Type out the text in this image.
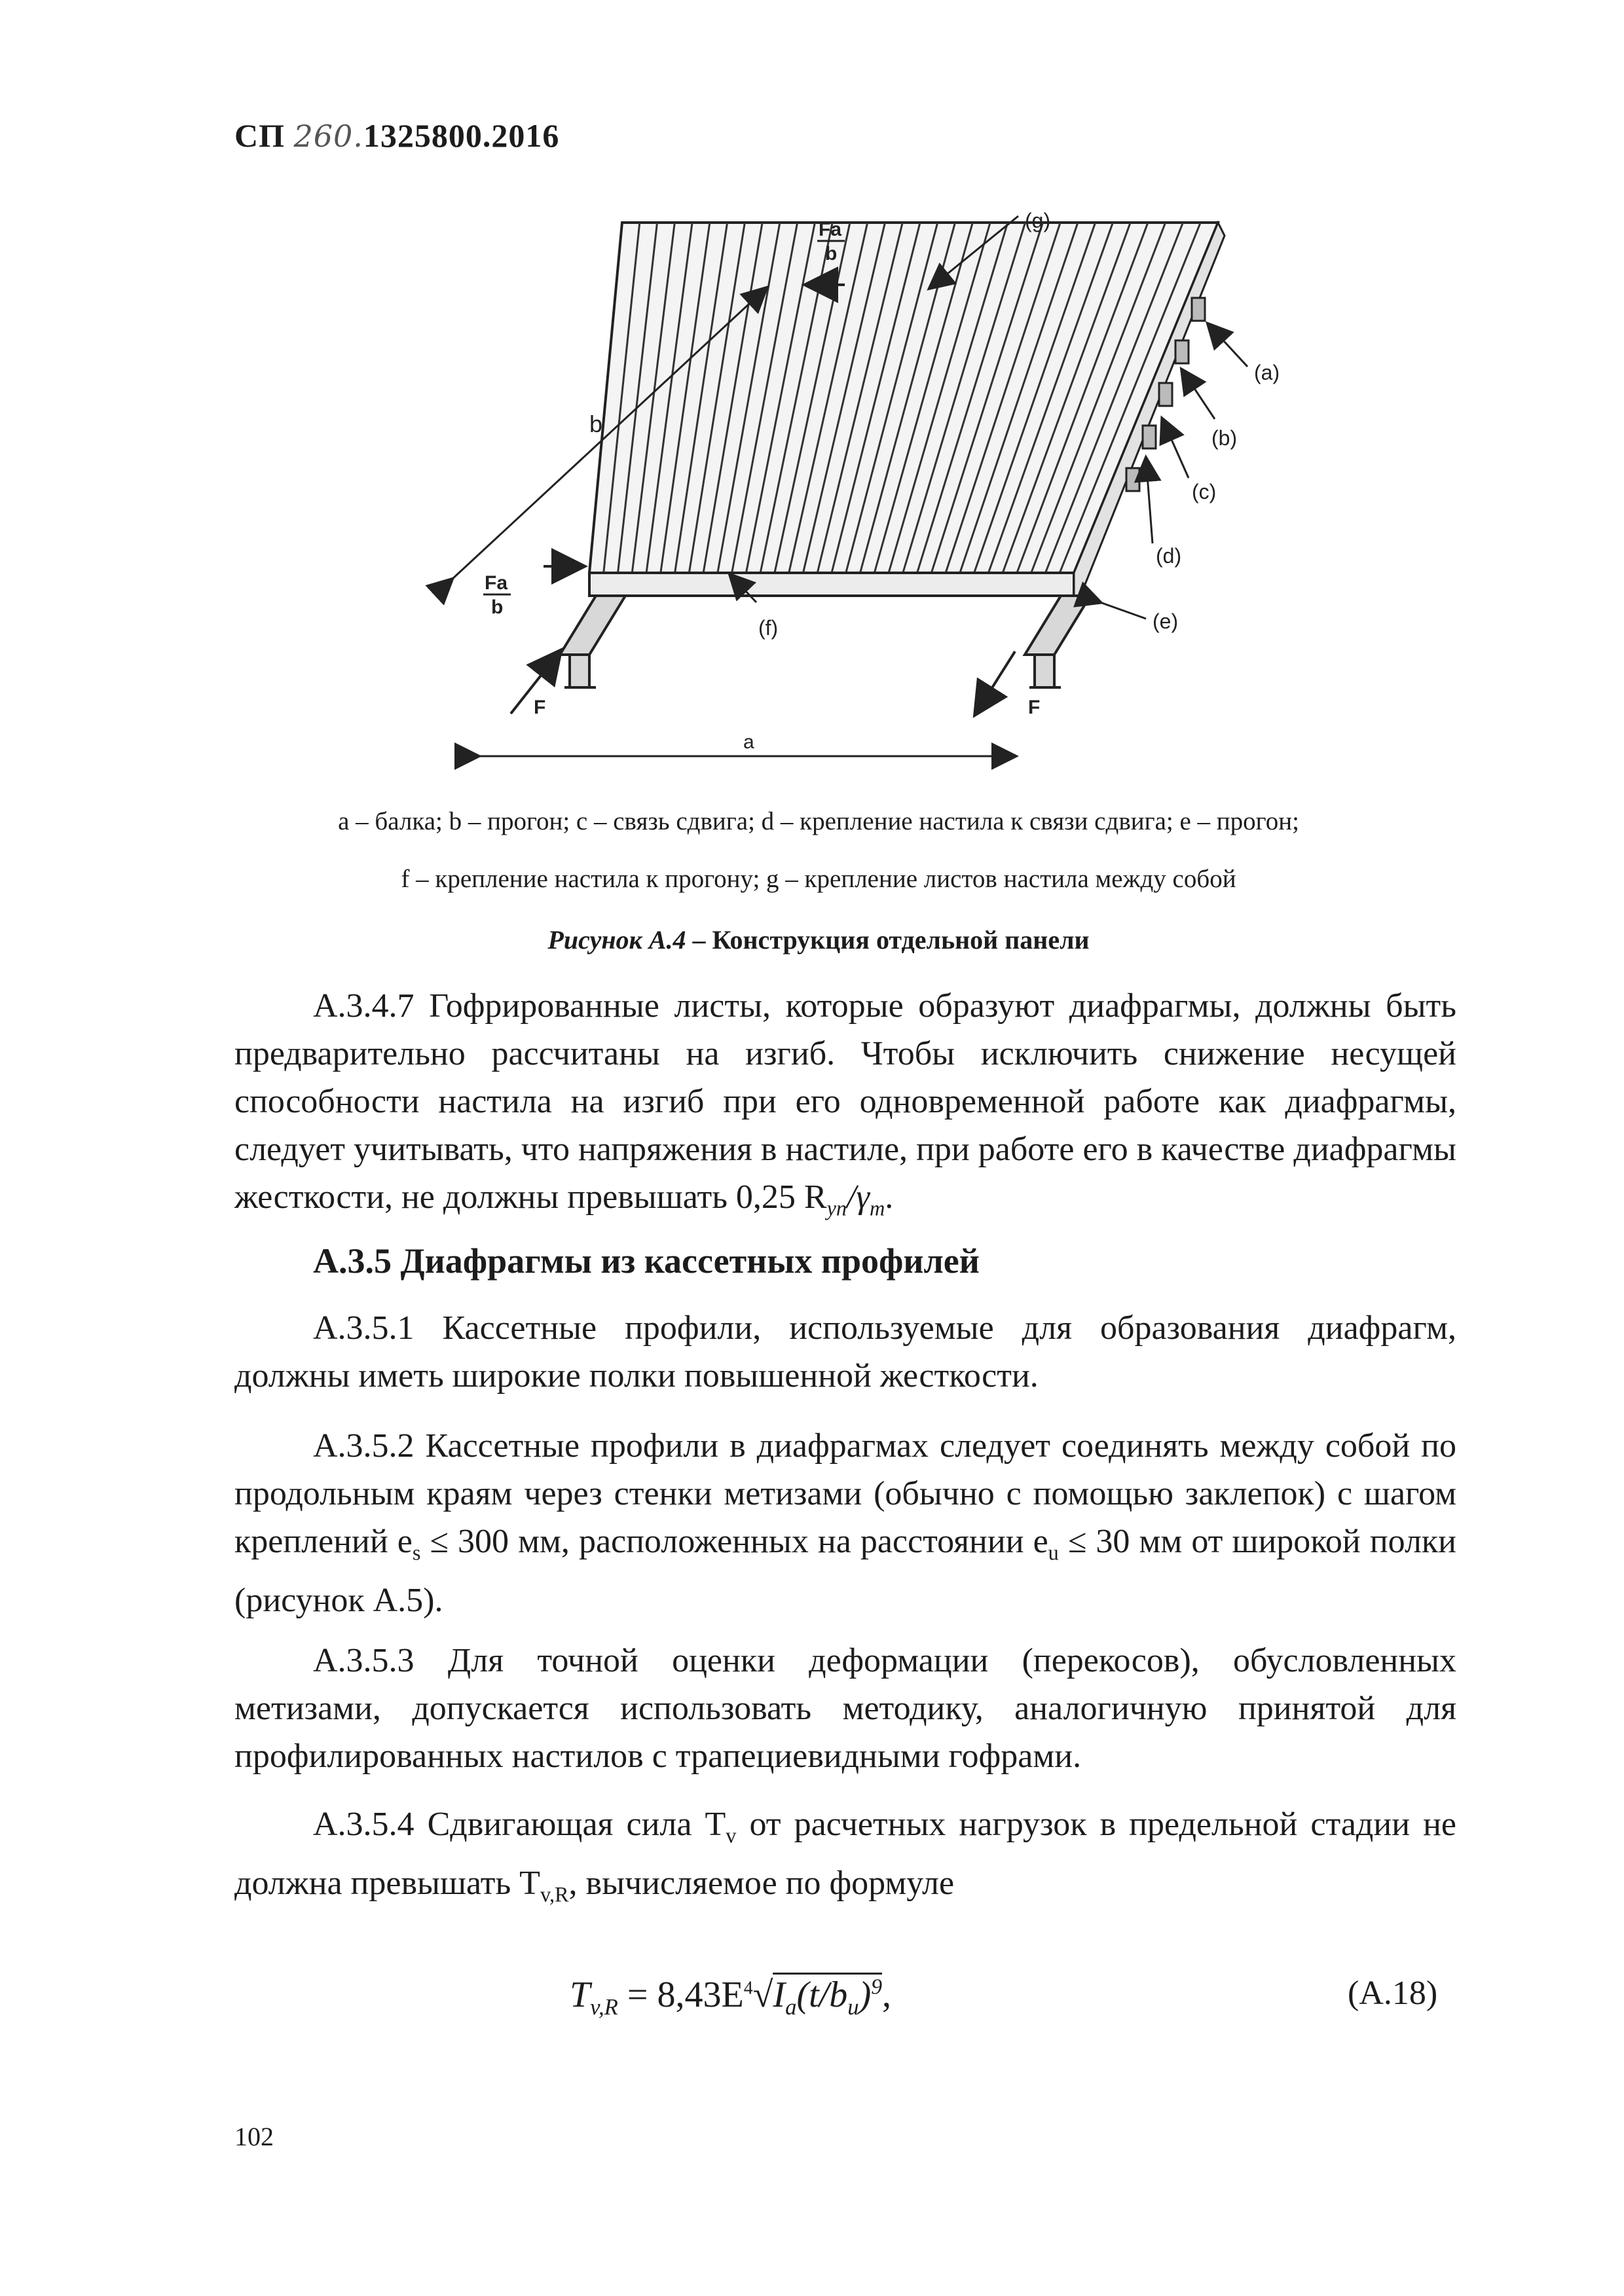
СП 260.1325800.2016
b
a
Fa
b
Fa
b
F	F
(g)
(a)
(b)
(c)
(d)
(e)
(f)
a – балка; b – прогон; c – связь сдвига; d – крепление настила к связи сдвига; e – прогон;
f – крепление настила к прогону; g – крепление листов настила между собой
Рисунок А.4 – Конструкция отдельной панели

А.3.4.7 Гофрированные листы, которые образуют диафрагмы, должны быть предварительно рассчитаны на изгиб. Чтобы исключить снижение несущей способности настила на изгиб при его одновременной работе как диафрагмы, следует учитывать, что напряжения в настиле, при работе его в качестве диафрагмы жесткости, не должны превышать 0,25 $R_{yn}/\gamma_m$.

А.3.5 Диафрагмы из кассетных профилей

А.3.5.1 Кассетные профили, используемые для образования диафрагм, должны иметь широкие полки повышенной жесткости.

А.3.5.2 Кассетные профили в диафрагмах следует соединять между собой по продольным краям через стенки метизами (обычно с помощью заклепок) с шагом креплений $e_s \le 300$ мм, расположенных на расстоянии $e_u \le 30$ мм от широкой полки (рисунок А.5).

А.3.5.3 Для точной оценки деформации (перекосов), обусловленных метизами, допускается использовать методику, аналогичную принятой для профилированных настилов с трапециевидными гофрами.

А.3.5.4 Сдвигающая сила $T_v$ от расчетных нагрузок в предельной стадии не должна превышать $T_{v,R}$, вычисляемое по формуле

$T_{v,R} = 8,43E^4√I_a(t/b_u)^9$,	(А.18)
102
